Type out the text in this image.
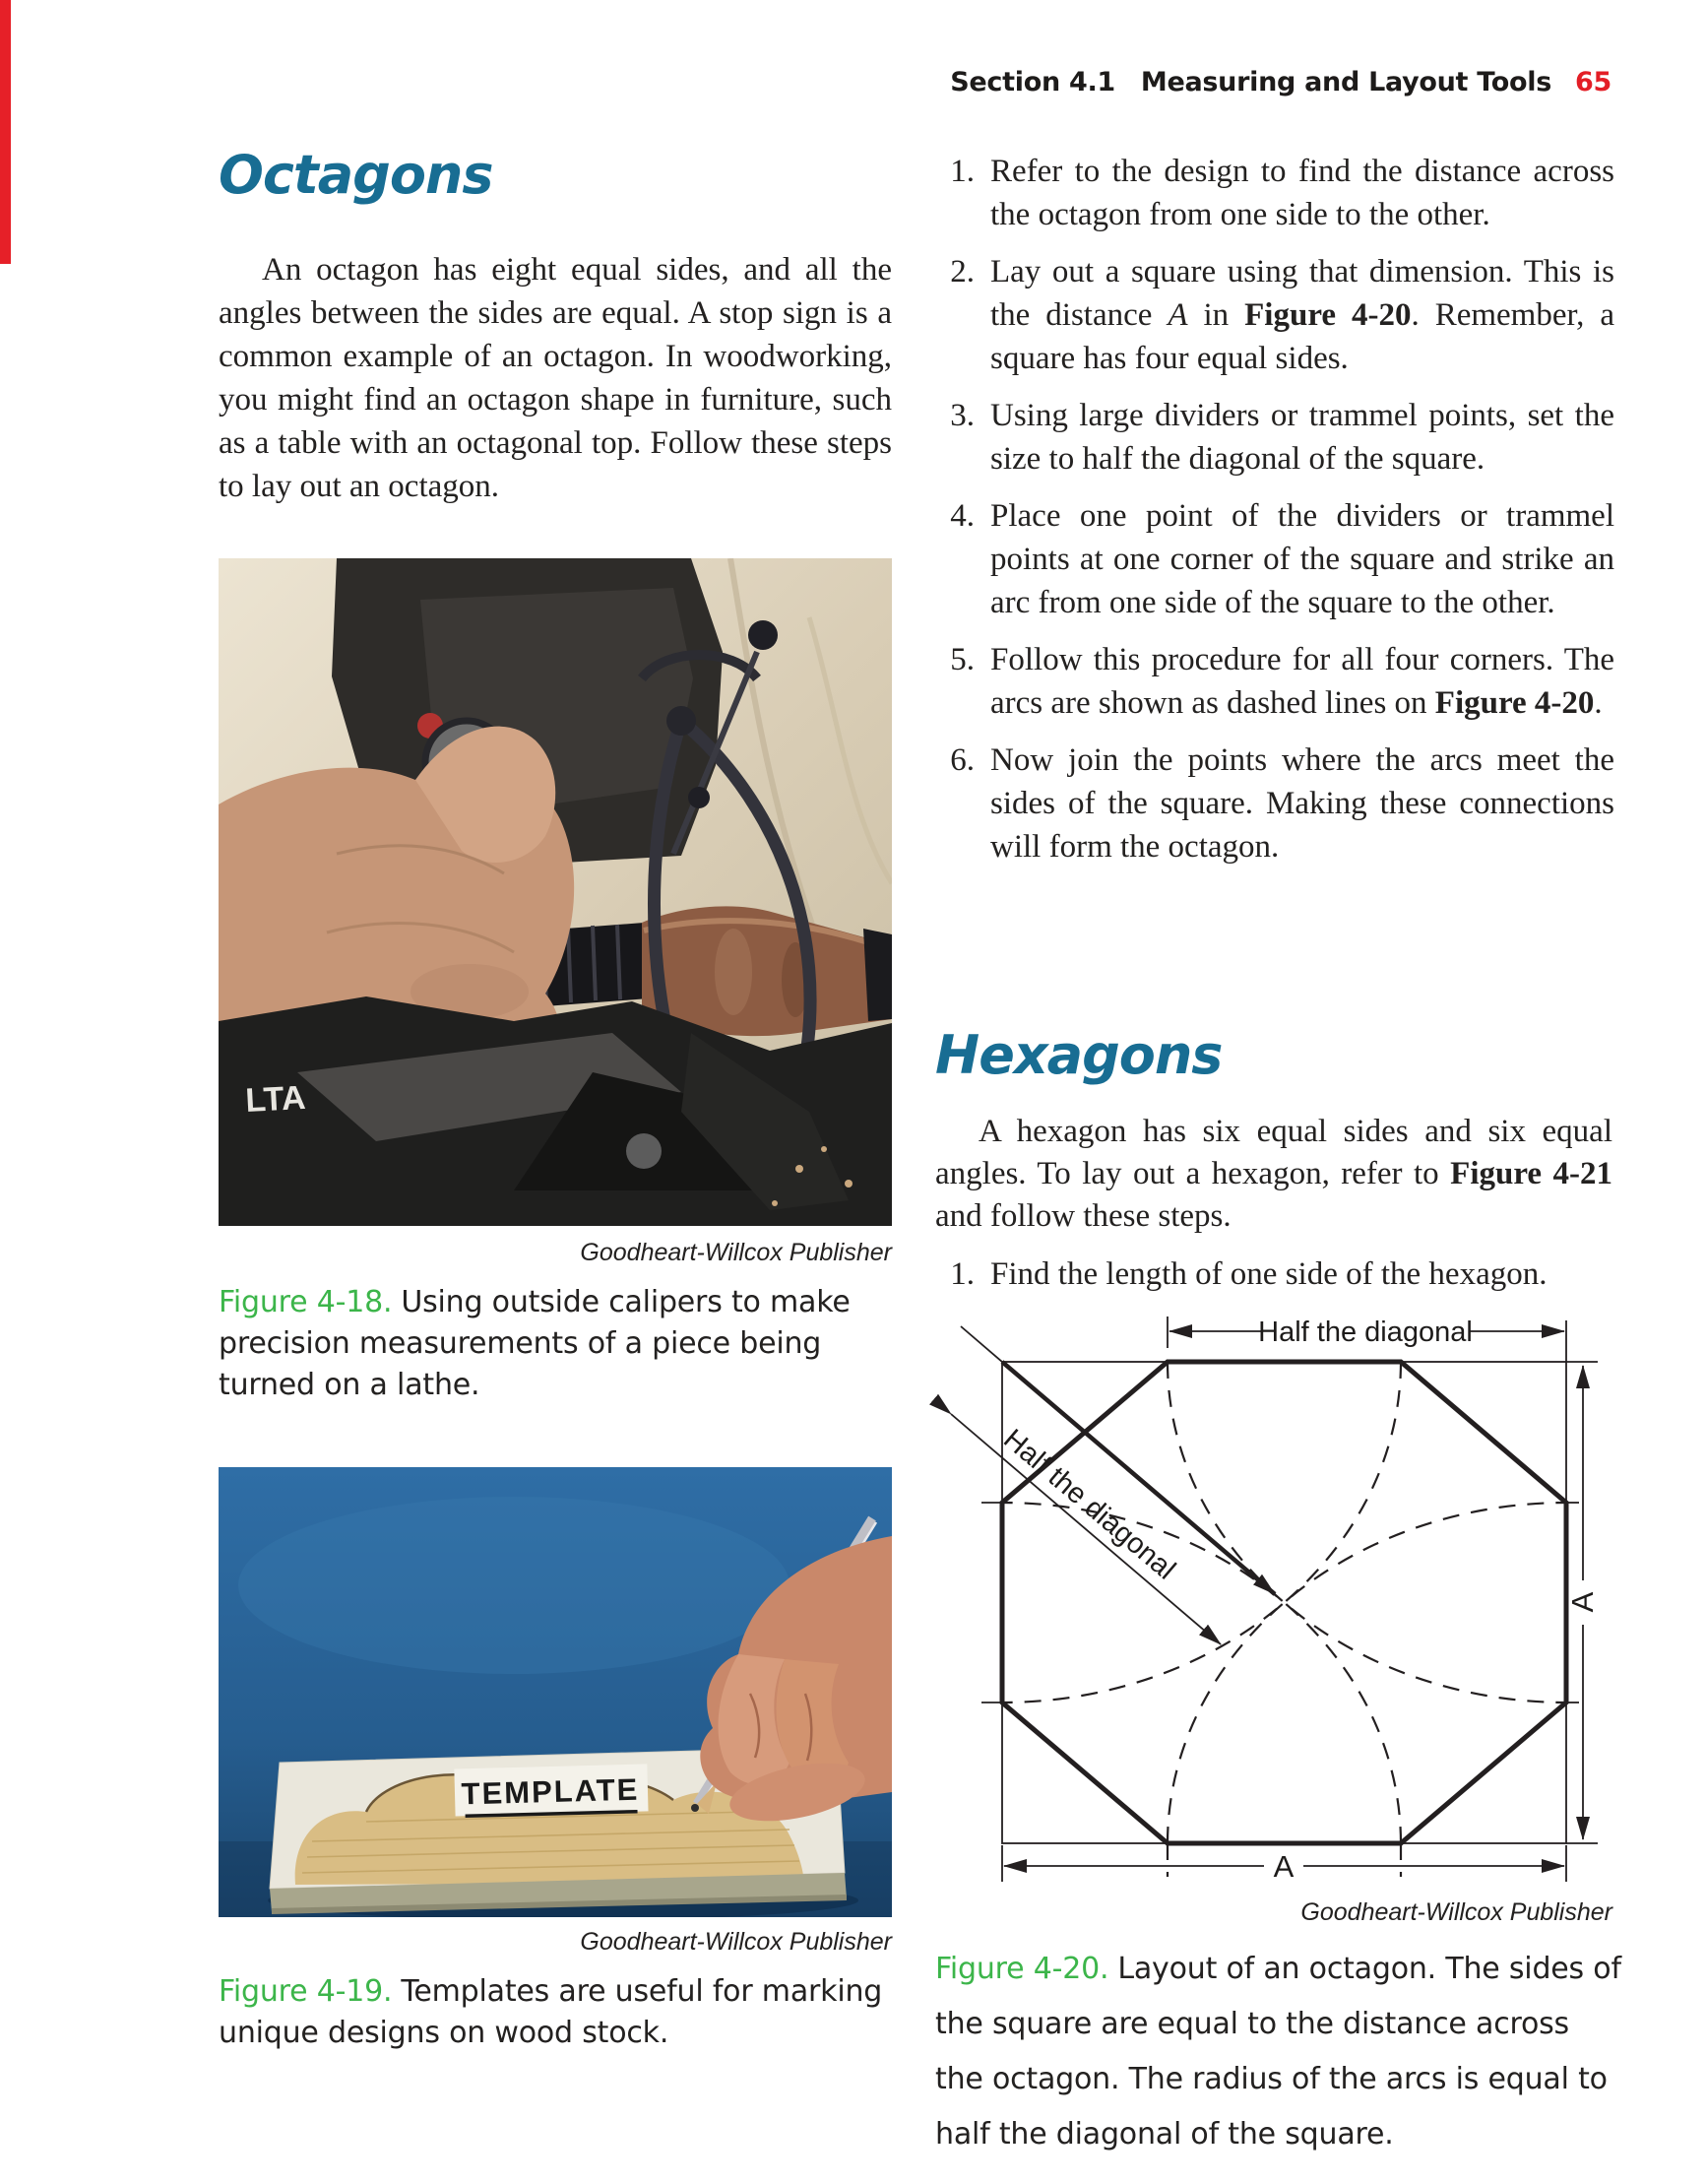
Section 4.1 Measuring and Layout Tools 65
Octagons
An octagon has eight equal sides, and all the angles between the sides are equal. A stop sign is a common example of an octagon. In woodworking, you might find an octagon shape in furniture, such as a table with an octagonal top. Follow these steps to lay out an octagon.
LTA
Goodheart-Willcox Publisher
Figure 4-18. Using outside calipers to make precision measurements of a piece being turned on a lathe.
TEMPLATE
Goodheart-Willcox Publisher
Figure 4-19. Templates are useful for marking unique designs on wood stock.
1. Refer to the design to find the distance across the octagon from one side to the other.
2. Lay out a square using that dimension. This is the distance A in Figure 4-20. Remember, a square has four equal sides.
3. Using large dividers or trammel points, set the size to half the diagonal of the square.
4. Place one point of the dividers or trammel points at one corner of the square and strike an arc from one side of the square to the other.
5. Follow this procedure for all four corners. The arcs are shown as dashed lines on Figure 4-20.
6. Now join the points where the arcs meet the sides of the square. Making these connections will form the octagon.
Hexagons
A hexagon has six equal sides and six equal angles. To lay out a hexagon, refer to Figure 4-21 and follow these steps.
1. Find the length of one side of the hexagon.
Half the diagonal
Half the diagonal
A
A
Goodheart-Willcox Publisher
Figure 4-20. Layout of an octagon. The sides of the square are equal to the distance across the octagon. The radius of the arcs is equal to half the diagonal of the square.
